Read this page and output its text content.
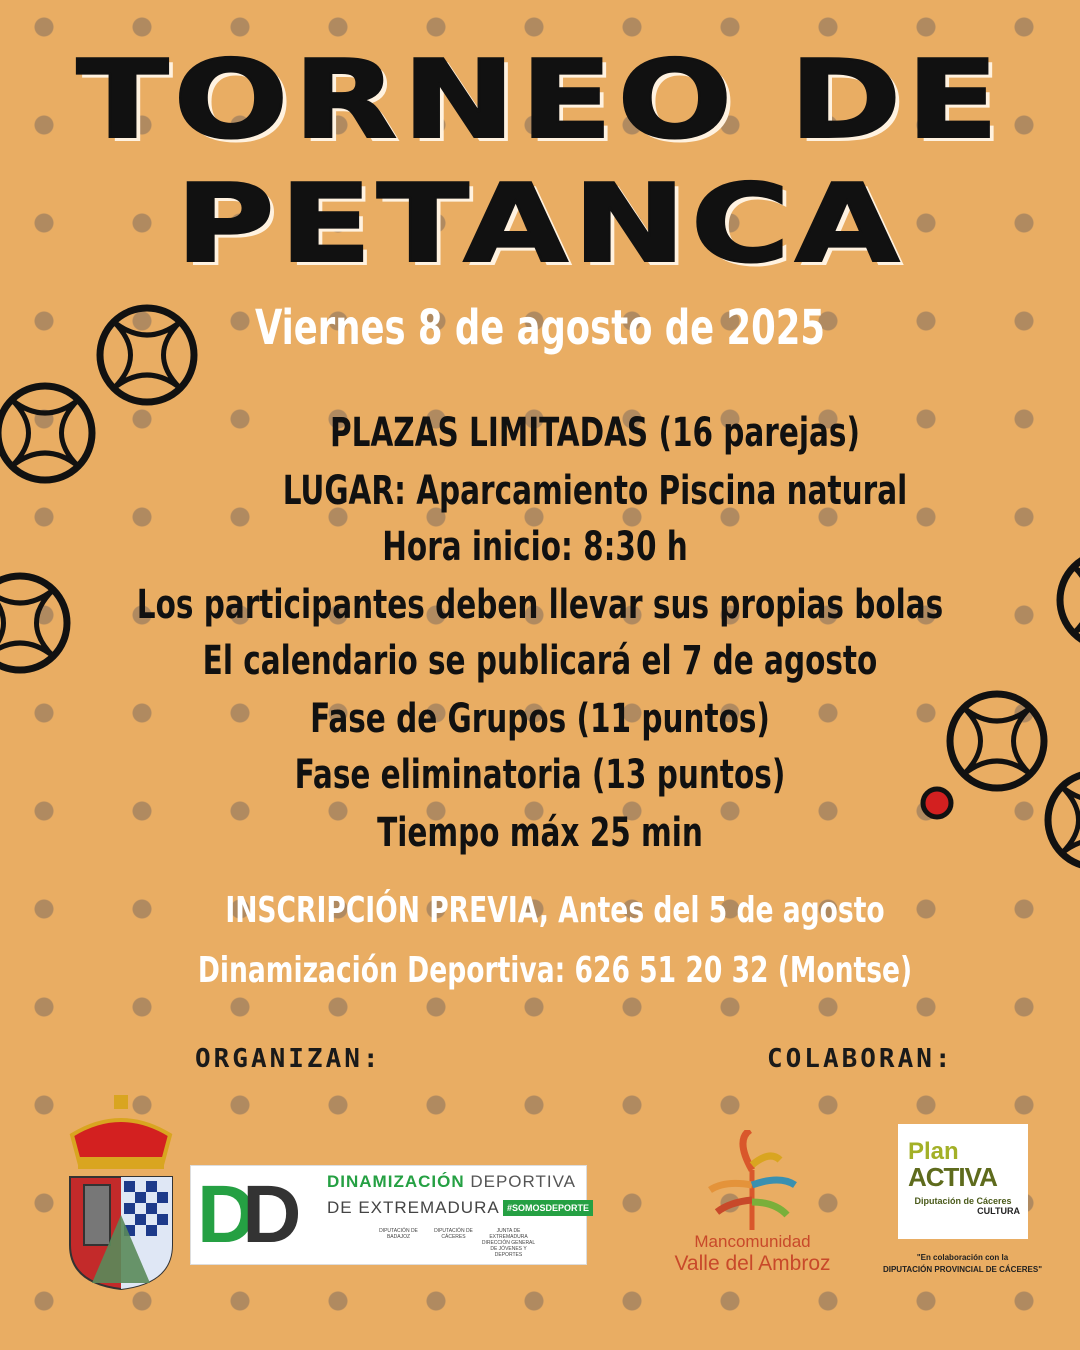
TORNEO DE
PETANCA
Viernes 8 de agosto de 2025
PLAZAS LIMITADAS (16 parejas)
LUGAR: Aparcamiento Piscina natural
Hora inicio: 8:30 h
Los participantes deben llevar sus propias bolas
El calendario se publicará el 7 de agosto
Fase de Grupos (11 puntos)
Fase eliminatoria (13 puntos)
Tiempo máx 25 min
INSCRIPCIÓN PREVIA, Antes del 5 de agosto
Dinamización Deportiva: 626 51 20 32 (Montse)
ORGANIZAN:	COLABORAN:
DD DINAMIZACIÓN DEPORTIVA
DE EXTREMADURA #SOMOSDEPORTE
DIPUTACIÓN DE BADAJOZ
DIPUTACIÓN DE CÁCERES
JUNTA DE EXTREMADURA DIRECCIÓN GENERAL DE JÓVENES Y DEPORTES
Mancomunidad
Valle del Ambroz
Plan
ACTIVA
Diputación de Cáceres
CULTURA
"En colaboración con la
DIPUTACIÓN PROVINCIAL DE CÁCERES"
